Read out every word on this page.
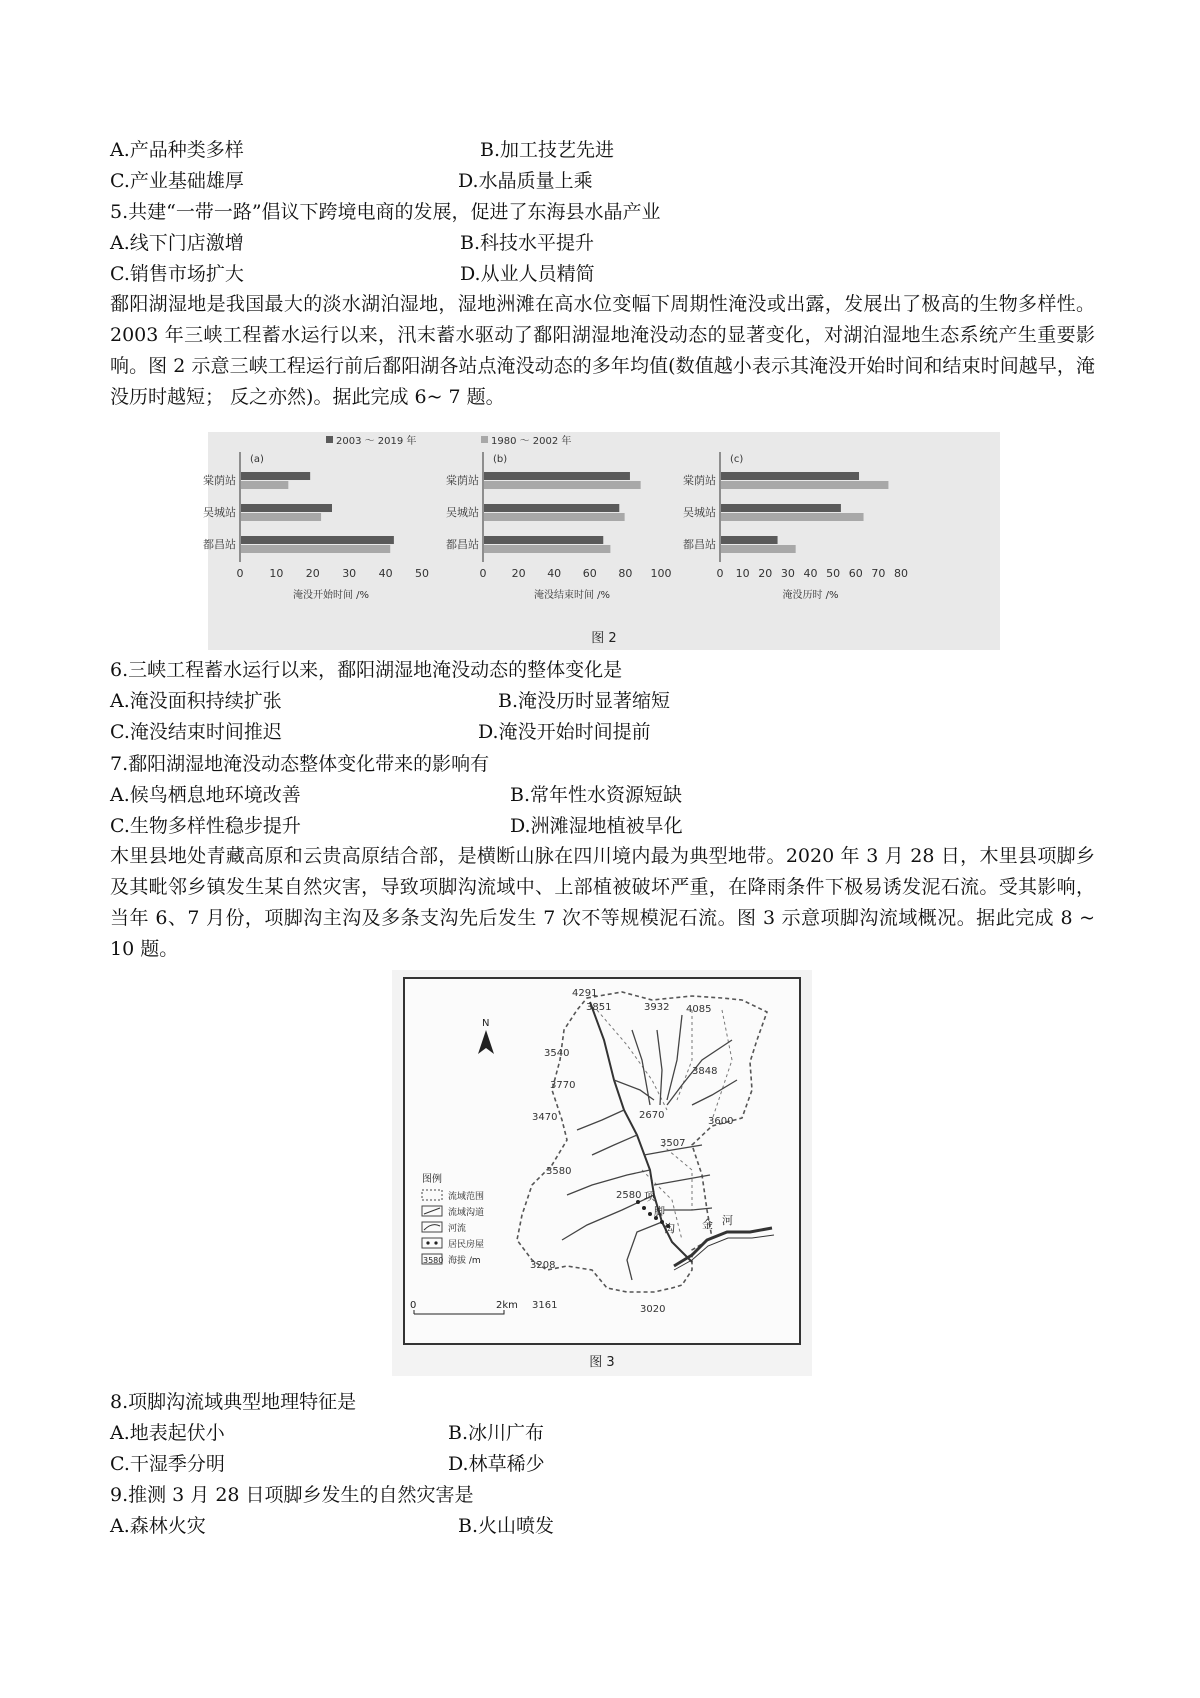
A.产品种类多样	B.加工技艺先进
C.产业基础雄厚	D.水晶质量上乘
5.共建“一带一路”倡议下跨境电商的发展，促进了东海县水晶产业
A.线下门店激增	B.科技水平提升
C.销售市场扩大	D.从业人员精简
鄱阳湖湿地是我国最大的淡水湖泊湿地，湿地洲滩在高水位变幅下周期性淹没或出露，发展出了极高的生物多样性。2003 年三峡工程蓄水运行以来，汛末蓄水驱动了鄱阳湖湿地淹没动态的显著变化，对湖泊湿地生态系统产生重要影响。图 2 示意三峡工程运行前后鄱阳湖各站点淹没动态的多年均值(数值越小表示其淹没开始时间和结束时间越早，淹没历时越短； 反之亦然)。据此完成 6~ 7 题。
2003 ～ 2019 年	1980 ～ 2002 年
(a)
棠荫站
吴城站
都昌站
0 10 20 30 40 50
淹没开始时间 /%
(b)
棠荫站
吴城站
都昌站
0 20 40 60 80 100
淹没结束时间 /%
(c)
棠荫站
吴城站
都昌站
0 10 20 30 40 50 60 70 80
淹没历时 /%
图 2
6.三峡工程蓄水运行以来，鄱阳湖湿地淹没动态的整体变化是
A.淹没面积持续扩张	B.淹没历时显著缩短
C.淹没结束时间推迟	D.淹没开始时间提前
7.鄱阳湖湿地淹没动态整体变化带来的影响有
A.候鸟栖息地环境改善	B.常年性水资源短缺
C.生物多样性稳步提升	D.洲滩湿地植被旱化
木里县地处青藏高原和云贵高原结合部，是横断山脉在四川境内最为典型地带。2020 年 3 月 28 日，木里县项脚乡及其毗邻乡镇发生某自然灾害，导致项脚沟流域中、上部植被破坏严重，在降雨条件下极易诱发泥石流。受其影响，当年 6、7 月份，项脚沟主沟及多条支沟先后发生 7 次不等规模泥石流。图 3 示意项脚沟流域概况。据此完成 8 ~ 10 题。
N
项
脚
沟 金 河
4291
3851	3932 4085
3540
3770
3848
3470	2670
3600
3507
3580
2580
3208
3161	3020
图例
流域范围
流域沟道
河流
居民房屋
3580 海拔 /m
0	2km
图 3
8.项脚沟流域典型地理特征是
A.地表起伏小	B.冰川广布
C.干湿季分明	D.林草稀少
9.推测 3 月 28 日项脚乡发生的自然灾害是
A.森林火灾	B.火山喷发
